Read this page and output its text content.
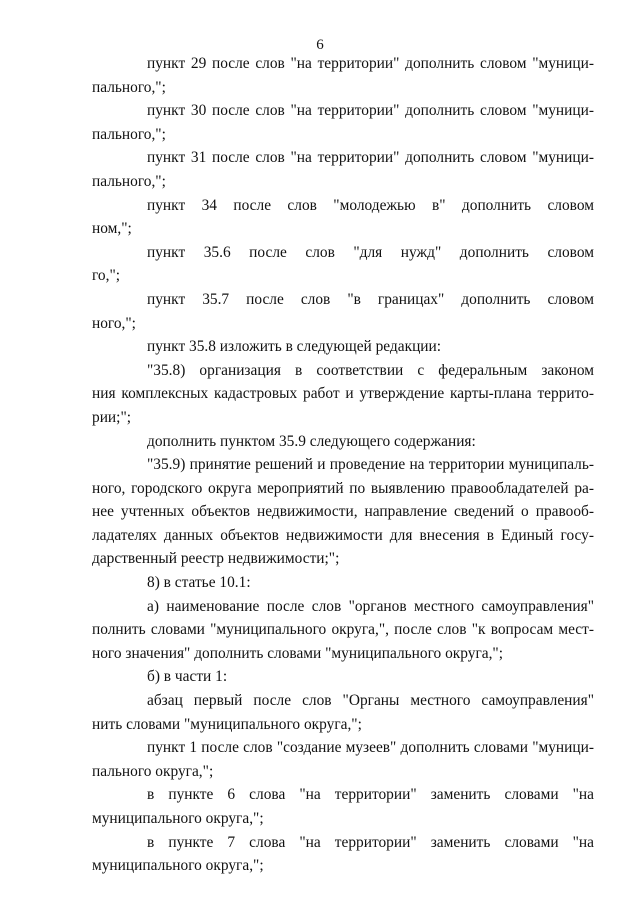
6
пункт 29 после слов "на территории" дополнить словом "муници-
пального,";
пункт 30 после слов "на территории" дополнить словом "муници-
пального,";
пункт 31 после слов "на территории" дополнить словом "муници-
пального,";
пункт 34 после слов "молодежью в" дополнить словом
ном,";
пункт 35.6 после слов "для нужд" дополнить словом
го,";
пункт 35.7 после слов "в границах" дополнить словом
ного,";
пункт 35.8 изложить в следующей редакции:
"35.8) организация в соответствии с федеральным законом
ния комплексных кадастровых работ и утверждение карты-плана террито-
рии;";
дополнить пунктом 35.9 следующего содержания:
"35.9) принятие решений и проведение на территории муниципаль-
ного, городского округа мероприятий по выявлению правообладателей ра-
нее учтенных объектов недвижимости, направление сведений о правооб-
ладателях данных объектов недвижимости для внесения в Единый госу-
дарственный реестр недвижимости;";
8) в статье 10.1:
а) наименование после слов "органов местного самоуправления"
полнить словами "муниципального округа,", после слов "к вопросам мест-
ного значения" дополнить словами "муниципального округа,";
б) в части 1:
абзац первый после слов "Органы местного самоуправления"
нить словами "муниципального округа,";
пункт 1 после слов "создание музеев" дополнить словами "муници-
пального округа,";
в пункте 6 слова "на территории" заменить словами "на
муниципального округа,";
в пункте 7 слова "на территории" заменить словами "на
муниципального округа,";
